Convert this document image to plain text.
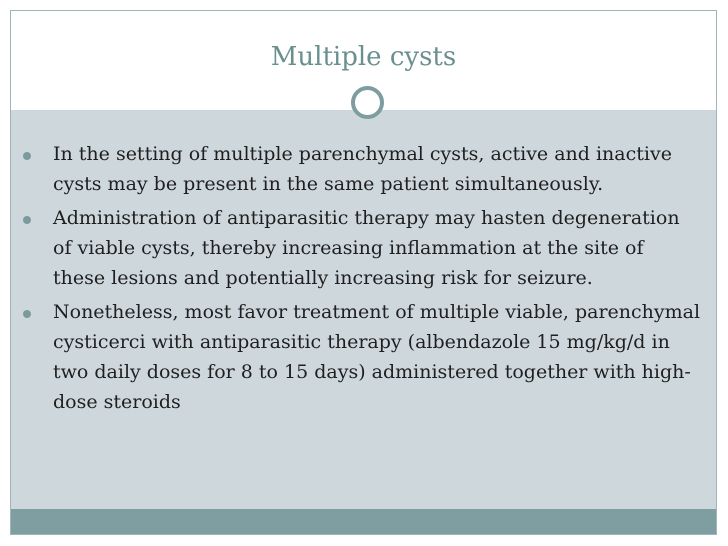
Multiple cysts
In the setting of multiple parenchymal cysts, active and inactive cysts may be present in the same patient simultaneously.
Administration of antiparasitic therapy may hasten degeneration of viable cysts, thereby increasing inflammation at the site of these lesions and potentially increasing risk for seizure.
Nonetheless, most favor treatment of multiple viable, parenchymal cysticerci with antiparasitic therapy (albendazole 15 mg/kg/d in two daily doses for 8 to 15 days) administered together with high-dose steroids
